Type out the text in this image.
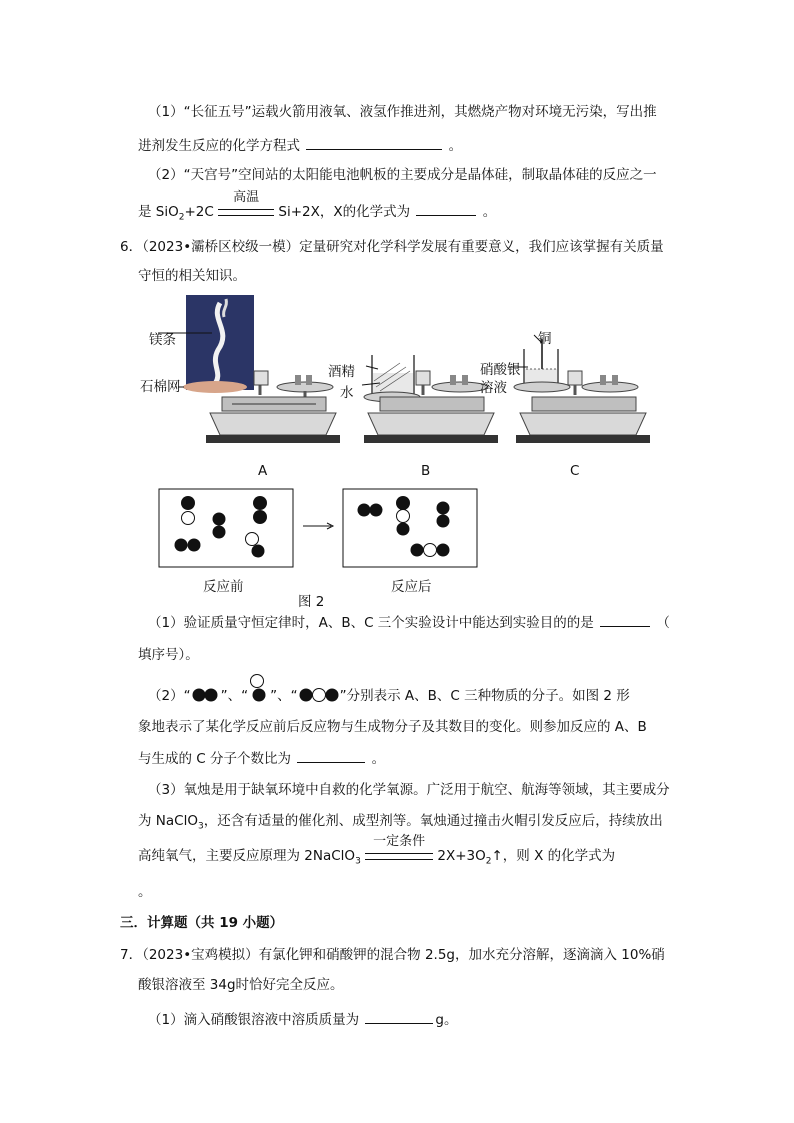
（1）“长征五号”运载火箭用液氧、液氢作推进剂，其燃烧产物对环境无污染，写出推
进剂发生反应的化学方程式	。
（2）“天宫号”空间站的太阳能电池帆板的主要成分是晶体硅，制取晶体硅的反应之一
是 SiO$_2$+2C
高温
Si+2X，X的化学式为	。
6．（2023•灞桥区校级一模）定量研究对化学科学发展有重要意义，我们应该掌握有关质量
守恒的相关知识。
镁条
石棉网
酒精
水
铜
硝酸银
溶液
A	B	C
反应前
图 2
反应后
（1）验证质量守恒定律时，A、B、C 三个实验设计中能达到实验目的的是	（
填序号）。
（2）“ ”、“ ”、“	”分别表示 A、B、C 三种物质的分子。如图 2 形
象地表示了某化学反应前后反应物与生成物分子及其数目的变化。则参加反应的 A、B
与生成的 C 分子个数比为	。
（3）氧烛是用于缺氧环境中自救的化学氧源。广泛用于航空、航海等领域，其主要成分
为 NaClO$_3$，还含有适量的催化剂、成型剂等。氧烛通过撞击火帽引发反应后，持续放出
高纯氧气，主要反应原理为 2NaClO$_3$
一定条件
$2X+3O_2↑$，则 X 的化学式为
。
三．计算题（共 19 小题）
7．（2023•宝鸡模拟）有氯化钾和硝酸钾的混合物 2.5g，加水充分溶解，逐滴滴入 10%硝
酸银溶液至 34g时恰好完全反应。
（1）滴入硝酸银溶液中溶质质量为	g。
